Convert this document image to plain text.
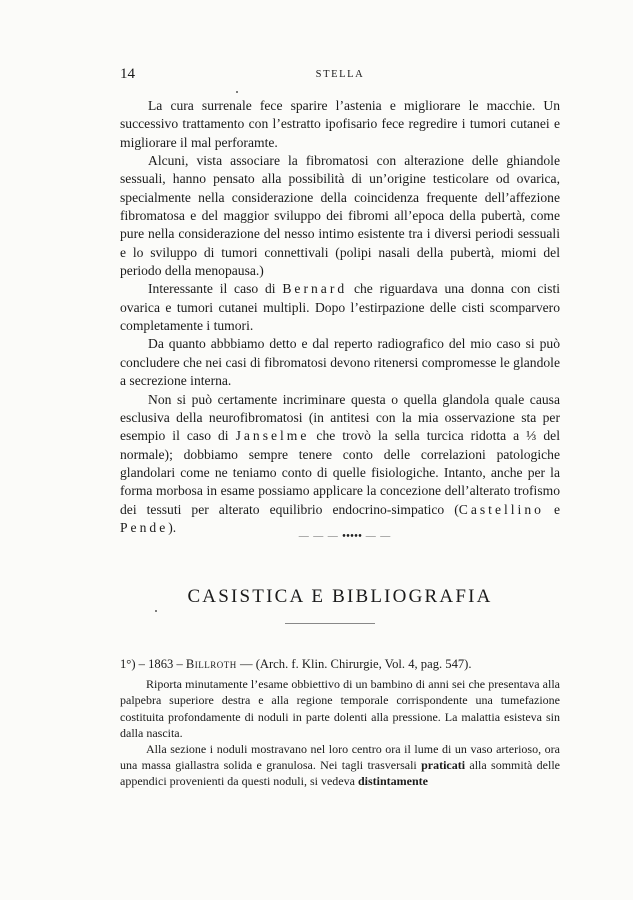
14	STELLA

La cura surrenale fece sparire l’astenia e migliorare le macchie. Un successivo trattamento con l’estratto ipofisario fece regredire i tumori cutanei e migliorare il mal perforamte.

Alcuni, vista associare la fibromatosi con alterazione delle ghiandole sessuali, hanno pensato alla possibilità di un’origine testicolare od ovarica, specialmente nella considerazione della coincidenza frequente dell’affezione fibromatosa e del maggior sviluppo dei fibromi all’epoca della pubertà, come pure nella considerazione del nesso intimo esistente tra i diversi periodi sessuali e lo sviluppo di tumori connettivali (polipi nasali della pubertà, miomi del periodo della menopausa.)

Interessante il caso di Bernard che riguardava una donna con cisti ovarica e tumori cutanei multipli. Dopo l’estirpazione delle cisti scomparvero completamente i tumori.

Da quanto abbbiamo detto e dal reperto radiografico del mio caso si può concludere che nei casi di fibromatosi devono ritenersi compromesse le glandole a secrezione interna.

Non si può certamente incriminare questa o quella glandola quale causa esclusiva della neurofibromatosi (in antitesi con la mia osservazione sta per esempio il caso di Janselme che trovò la sella turcica ridotta a ⅓ del normale); dobbiamo sempre tenere conto delle correlazioni patologiche glandolari come ne teniamo conto di quelle fisiologiche. Intanto, anche per la forma morbosa in esame possiamo applicare la concezione dell’alterato trofismo dei tessuti per alterato equilibrio endocrino-simpatico (Castellino e Pende).

— — — ••••• — —
CASISTICA E BIBLIOGRAFIA
1°) – 1863 – Billroth — (Arch. f. Klin. Chirurgie, Vol. 4, pag. 547).

Riporta minutamente l’esame obbiettivo di un bambino di anni sei che presentava alla palpebra superiore destra e alla regione temporale corrispondente una tumefazione costituita profondamente di noduli in parte dolenti alla pressione. La malattia esisteva sin dalla nascita.

Alla sezione i noduli mostravano nel loro centro ora il lume di un vaso arterioso, ora una massa giallastra solida e granulosa. Nei tagli trasversali praticati alla sommità delle appendici provenienti da questi noduli, si vedeva distintamente
